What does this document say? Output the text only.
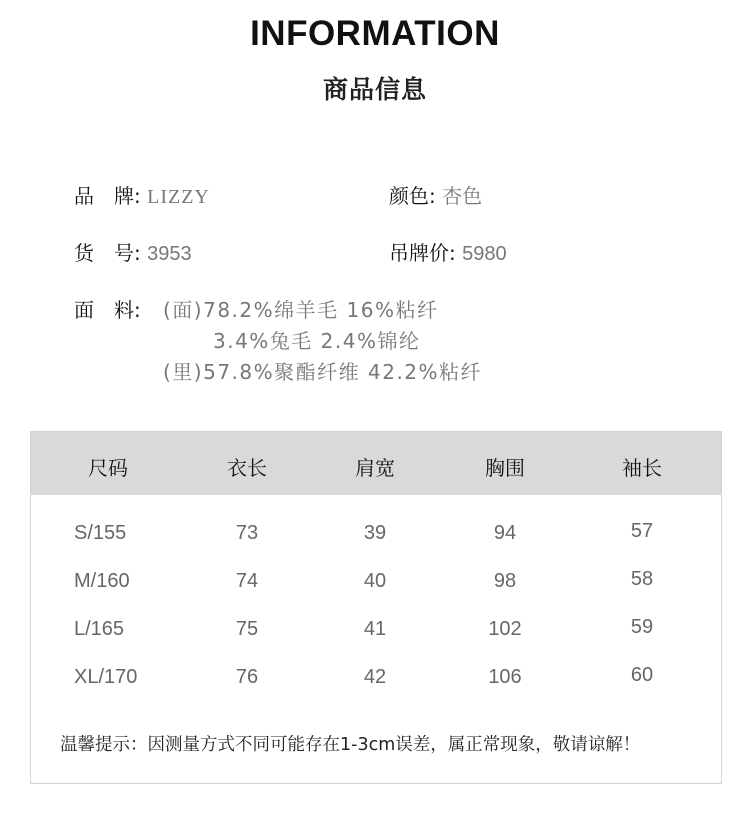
INFORMATION
商品信息
品　牌: LIZZY	颜色: 杏色
货　号: 3953	吊牌价: 5980
面　料: (面)78.2%绵羊毛 16%粘纤
3.4%兔毛 2.4%锦纶
(里)57.8%聚酯纤维 42.2%粘纤
尺码	衣长	肩宽	胸围	袖长
S/155	73	39	94	57
M/160	74	40	98	58
L/165	75	41	102	59
XL/170	76	42	106	60
温馨提示：因测量方式不同可能存在1-3cm误差，属正常现象，敬请谅解！
